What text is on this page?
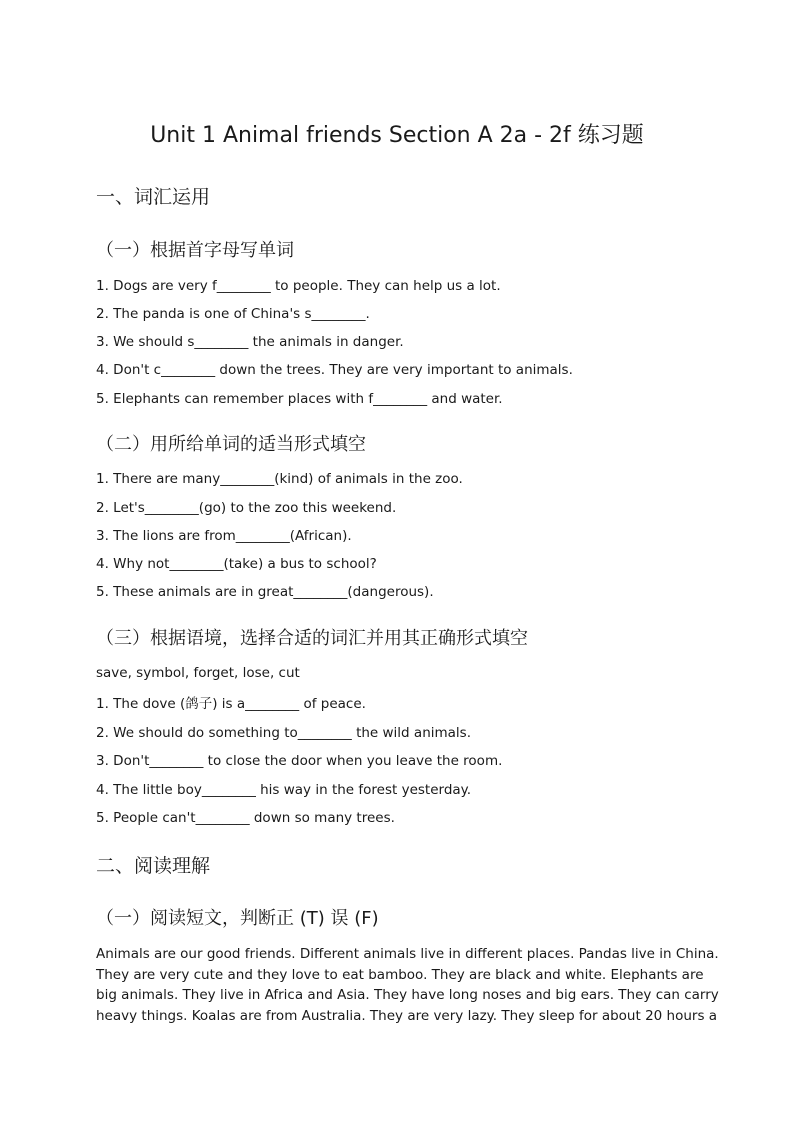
Unit 1 Animal friends Section A 2a - 2f 练习题
一、词汇运用
（一）根据首字母写单词

1. Dogs are very f________ to people. They can help us a lot.

2. The panda is one of China's s________.

3. We should s________ the animals in danger.

4. Don't c________ down the trees. They are very important to animals.

5. Elephants can remember places with f________ and water.

（二）用所给单词的适当形式填空

1. There are many________(kind) of animals in the zoo.

2. Let's________(go) to the zoo this weekend.

3. The lions are from________(African).

4. Why not________(take) a bus to school?

5. These animals are in great________(dangerous).

（三）根据语境，选择合适的词汇并用其正确形式填空

save, symbol, forget, lose, cut

1. The dove (鸽子) is a________ of peace.

2. We should do something to________ the wild animals.

3. Don't________ to close the door when you leave the room.

4. The little boy________ his way in the forest yesterday.

5. People can't________ down so many trees.

二、阅读理解
（一）阅读短文，判断正 (T) 误 (F)
Animals are our good friends. Different animals live in different places. Pandas live in China.
They are very cute and they love to eat bamboo. They are black and white. Elephants are
big animals. They live in Africa and Asia. They have long noses and big ears. They can carry
heavy things. Koalas are from Australia. They are very lazy. They sleep for about 20 hours a
